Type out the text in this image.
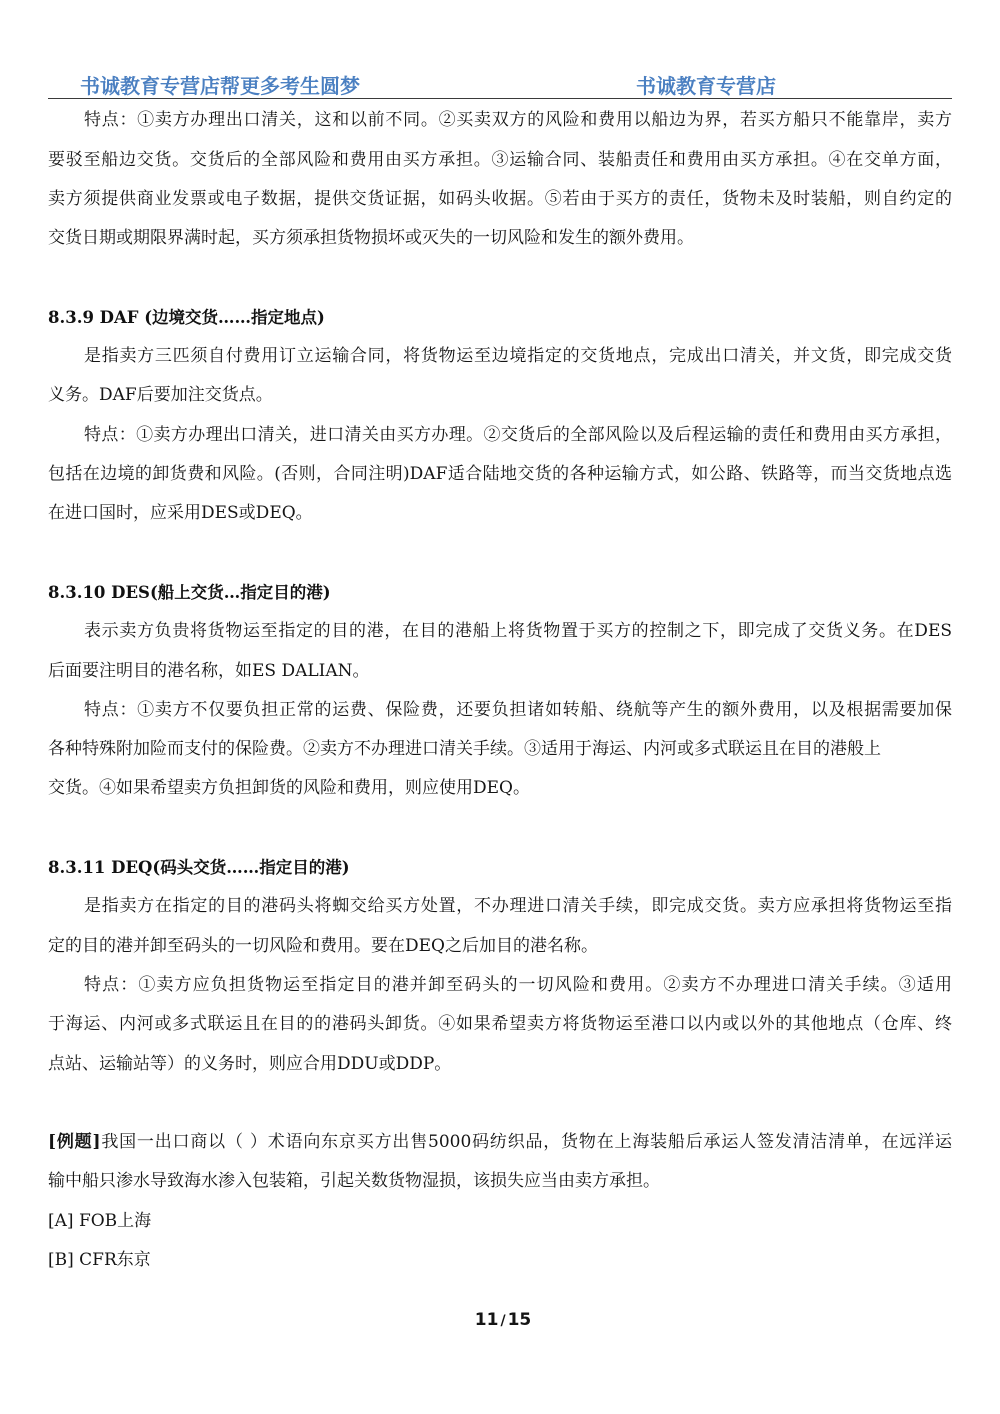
书诚教育专营店帮更多考生圆梦	书诚教育专营店
特点：①卖方办理出口清关，这和以前不同。②买卖双方的风险和费用以船边为界，若买方船只不能靠岸，卖方
要驳至船边交货。交货后的全部风险和费用由买方承担。③运输合同、装船责任和费用由买方承担。④在交单方面，
卖方须提供商业发票或电子数据，提供交货证据，如码头收据。⑤若由于买方的责任，货物未及时装船，则自约定的
交货日期或期限界满时起，买方须承担货物损坏或灭失的一切风险和发生的额外费用。
8.3.9 DAF (边境交货……指定地点)
是指卖方三匹须自付费用订立运输合同，将货物运至边境指定的交货地点，完成出口清关，并文货，即完成交货
义务。DAF后要加注交货点。
特点：①卖方办理出口清关，进口清关由买方办理。②交货后的全部风险以及后程运输的责任和费用由买方承担，
包括在边境的卸货费和风险。(否则，合同注明)DAF适合陆地交货的各种运输方式，如公路、铁路等，而当交货地点选
在进口国时，应采用DES或DEQ。
8.3.10 DES(船上交货…指定目的港)
表示卖方负贵将货物运至指定的目的港，在目的港船上将货物置于买方的控制之下，即完成了交货义务。在DES
后面要注明目的港名称，如ES DALIAN。
特点：①卖方不仅要负担正常的运费、保险费，还要负担诸如转船、绕航等产生的额外费用，以及根据需要加保
各种特殊附加险而支付的保险费。②卖方不办理进口清关手续。③适用于海运、内河或多式联运且在目的港般上
交货。④如果希望卖方负担卸货的风险和费用，则应使用DEQ。
8.3.11 DEQ(码头交货……指定目的港)
是指卖方在指定的目的港码头将蜘交给买方处置，不办理进口清关手续，即完成交货。卖方应承担将货物运至指
定的目的港并卸至码头的一切风险和费用。要在DEQ之后加目的港名称。
特点：①卖方应负担货物运至指定目的港并卸至码头的一切风险和费用。②卖方不办理进口清关手续。③适用
于海运、内河或多式联运且在目的的港码头卸货。④如果希望卖方将货物运至港口以内或以外的其他地点（仓库、终
点站、运输站等）的义务时，则应合用DDU或DDP。
[例题]我国一出口商以（ ）术语向东京买方出售5000码纺织品，货物在上海装船后承运人签发清洁清单，在远洋运
输中船只渗水导致海水渗入包装箱，引起关数货物湿损，该损失应当由卖方承担。
[A] FOB上海
[B] CFR东京
11 / 15
